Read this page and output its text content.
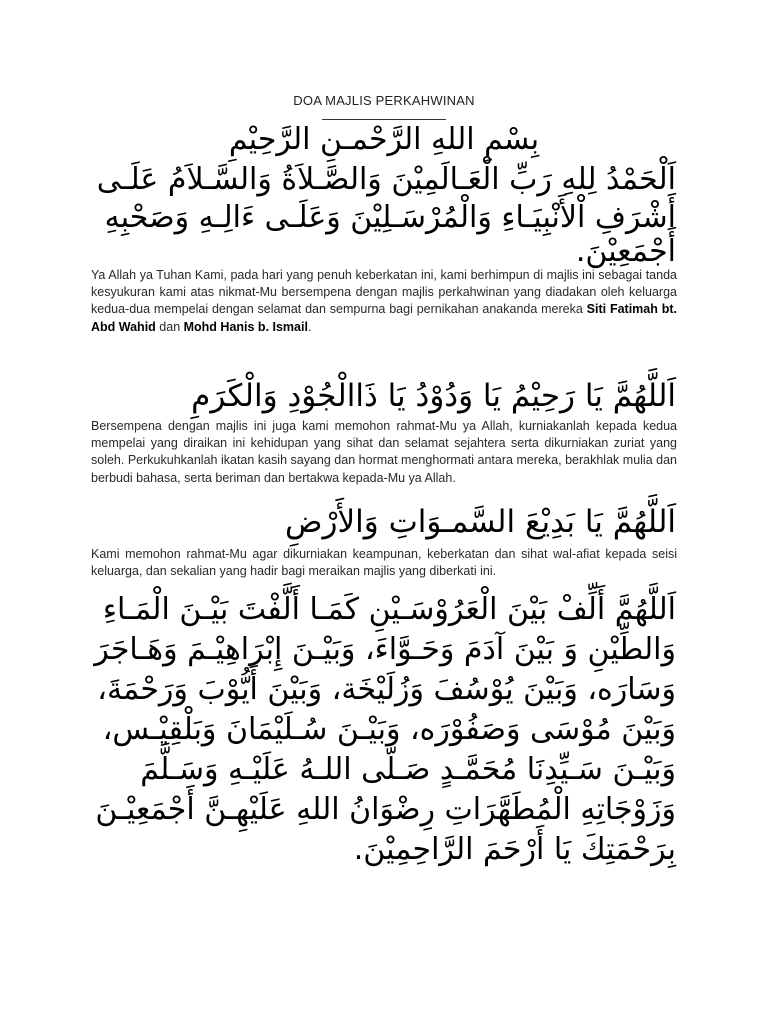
DOA MAJLIS PERKAHWINAN
بِسْمِ اللهِ الرَّحْمـنِ الرَّحِيْمِ
اَلْحَمْدُ لِلهِ رَبِّ الْعَـالَمِيْنَ وَالصَّـلاَةُ وَالسَّـلاَمُ عَلَـى
أَشْرَفِ اْلأَنْبِيَـاءِ وَالْمُرْسَـلِيْنَ وَعَلَـى ءَالِـهِ وَصَحْبِهِ
أَجْمَعِيْنَ.
Ya Allah ya Tuhan Kami, pada hari yang penuh keberkatan ini, kami berhimpun di majlis ini sebagai tanda kesyukuran kami atas nikmat-Mu bersempena dengan majlis perkahwinan yang diadakan oleh keluarga kedua-dua mempelai dengan selamat dan sempurna bagi pernikahan anakanda mereka Siti Fatimah bt. Abd Wahid dan Mohd Hanis b. Ismail.
اَللَّهُمَّ يَا رَحِيْمُ يَا وَدُوْدُ يَا ذَاالْجُوْدِ وَالْكَرَمِ
Bersempena dengan majlis ini juga kami memohon rahmat-Mu ya Allah, kurniakanlah kepada kedua mempelai yang diraikan ini kehidupan yang sihat dan selamat sejahtera serta dikurniakan zuriat yang soleh. Perkukuhkanlah ikatan kasih sayang dan hormat menghormati antara mereka, berakhlak mulia dan berbudi bahasa, serta beriman dan bertakwa kepada-Mu ya Allah.
اَللَّهُمَّ يَا بَدِيْعَ السَّمـوَاتِ وَالأَرْضِ
Kami memohon rahmat-Mu agar dikurniakan keampunan, keberkatan dan sihat wal-afiat kepada seisi keluarga, dan sekalian yang hadir bagi meraikan majlis yang diberkati ini.
اَللَّهُمَّ أَلِّفْ بَيْنَ الْعَرُوْسَـيْنِ كَمَـا أَلَّفْتَ بَيْـنَ الْمَـاءِ
وَالطِّيْنِ وَ بَيْنَ آدَمَ وَحَـوَّاءَ، وَبَيْـنَ إِبْرَاهِيْـمَ وَهَـاجَرَ
وَسَارَه، وَبَيْنَ يُوْسُفَ وَزُلَيْخَة، وَبَيْنَ أَيُّوْبَ وَرَحْمَةَ،
وَبَيْنَ مُوْسَى وَصَفُوْرَه، وَبَيْـنَ سُـلَيْمَانَ وَبَلْقِيْـس،
وَبَيْـنَ سَـيِّدِنَا مُحَمَّـدٍ صَـلَّى اللـهُ عَلَيْـهِ وَسَـلَّمَ
وَزَوْجَاتِهِ الْمُطَهَّرَاتِ رِضْوَانُ اللهِ عَلَيْهِـنَّ أَجْمَعِيْـنَ
بِرَحْمَتِكَ يَا أَرْحَمَ الرَّاحِمِيْنَ.
